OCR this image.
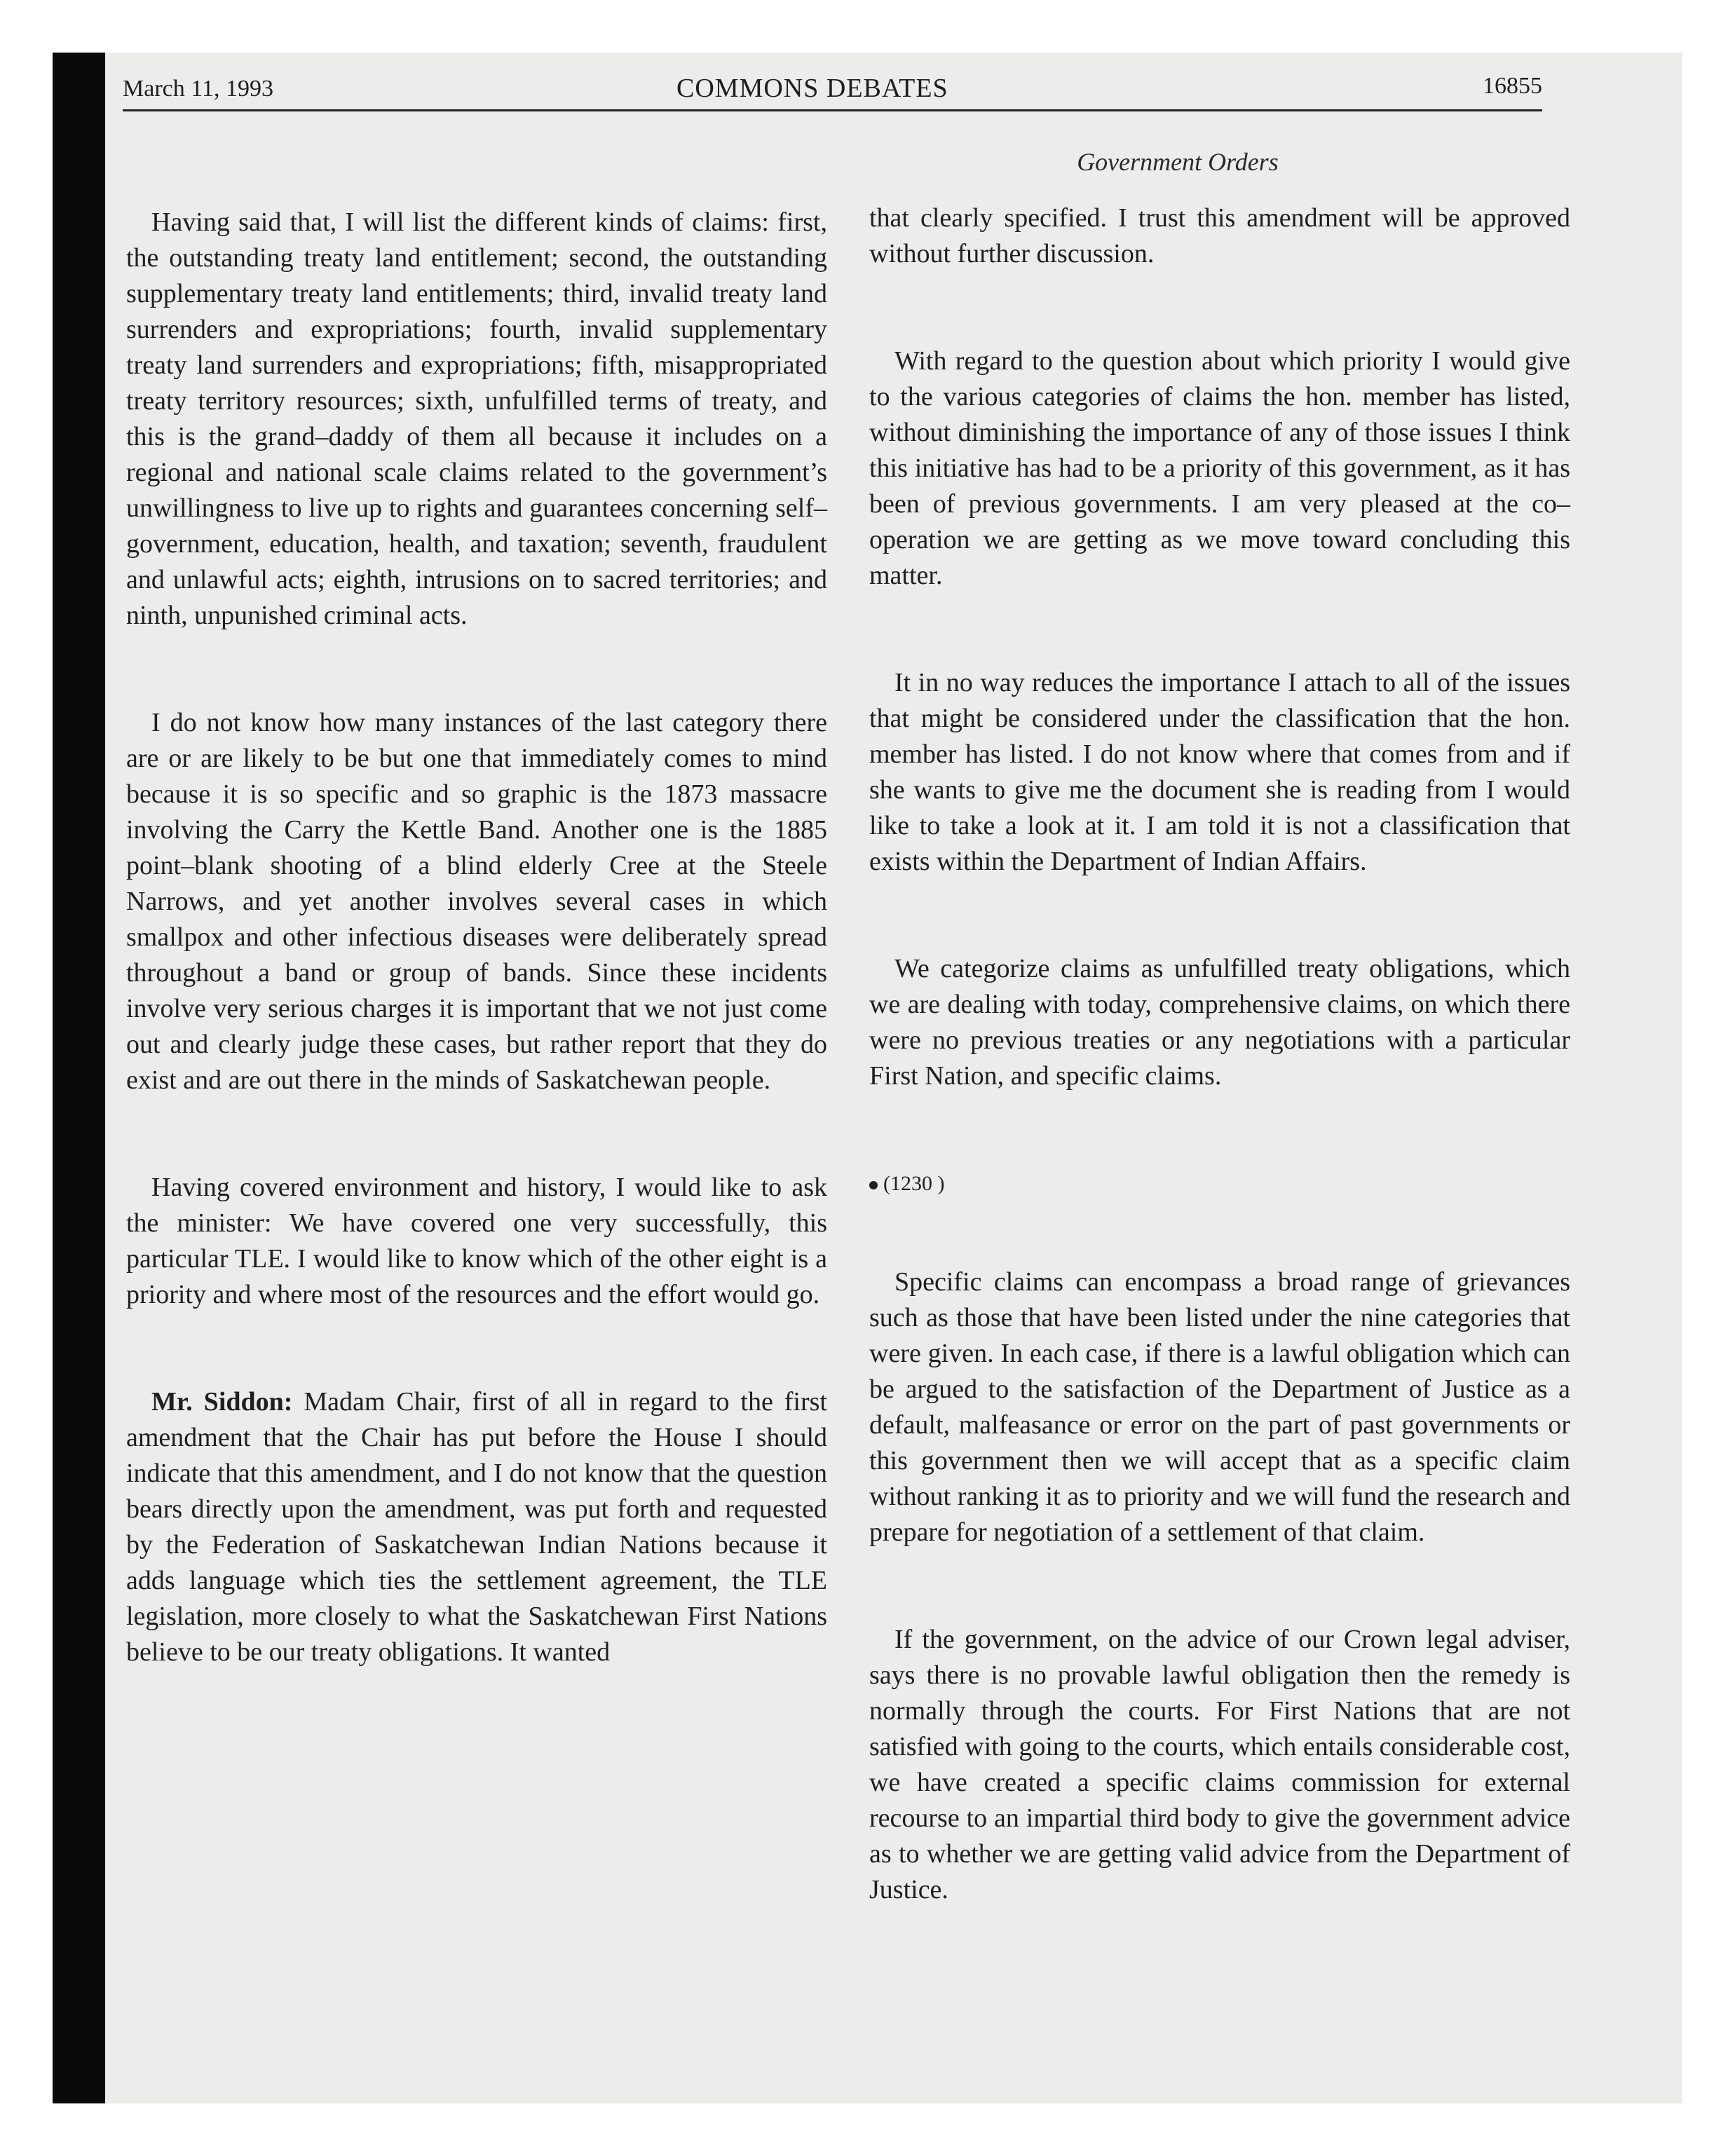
March 11, 1993	COMMONS DEBATES	16855
Government Orders

Having said that, I will list the different kinds of claims: first, the outstanding treaty land entitlement; second, the outstanding supplementary treaty land entitlements; third, invalid treaty land surrenders and expropriations; fourth, invalid supplementary treaty land surrenders and expropriations; fifth, misappropriated treaty territory resources; sixth, unfulfilled terms of treaty, and this is the grand–daddy of them all because it includes on a regional and national scale claims related to the government’s unwillingness to live up to rights and guarantees concerning self–government, education, health, and taxation; seventh, fraudulent and unlawful acts; eighth, intrusions on to sacred territories; and ninth, unpunished criminal acts.

I do not know how many instances of the last category there are or are likely to be but one that immediately comes to mind because it is so specific and so graphic is the 1873 massacre involving the Carry the Kettle Band. Another one is the 1885 point–blank shooting of a blind elderly Cree at the Steele Narrows, and yet another involves several cases in which smallpox and other infectious diseases were deliberately spread throughout a band or group of bands. Since these incidents involve very serious charges it is important that we not just come out and clearly judge these cases, but rather report that they do exist and are out there in the minds of Saskatchewan people.

Having covered environment and history, I would like to ask the minister: We have covered one very successfully, this particular TLE. I would like to know which of the other eight is a priority and where most of the resources and the effort would go.

Mr. Siddon: Madam Chair, first of all in regard to the first amendment that the Chair has put before the House I should indicate that this amendment, and I do not know that the question bears directly upon the amendment, was put forth and requested by the Federation of Saskatchewan Indian Nations because it adds language which ties the settlement agreement, the TLE legislation, more closely to what the Saskatchewan First Nations believe to be our treaty obligations. It wanted

that clearly specified. I trust this amendment will be approved without further discussion.

With regard to the question about which priority I would give to the various categories of claims the hon. member has listed, without diminishing the importance of any of those issues I think this initiative has had to be a priority of this government, as it has been of previous governments. I am very pleased at the co–operation we are getting as we move toward concluding this matter.

It in no way reduces the importance I attach to all of the issues that might be considered under the classification that the hon. member has listed. I do not know where that comes from and if she wants to give me the document she is reading from I would like to take a look at it. I am told it is not a classification that exists within the Department of Indian Affairs.

We categorize claims as unfulfilled treaty obligations, which we are dealing with today, comprehensive claims, on which there were no previous treaties or any negotiations with a particular First Nation, and specific claims.

(1230 )

Specific claims can encompass a broad range of grievances such as those that have been listed under the nine categories that were given. In each case, if there is a lawful obligation which can be argued to the satisfaction of the Department of Justice as a default, malfeasance or error on the part of past governments or this government then we will accept that as a specific claim without ranking it as to priority and we will fund the research and prepare for negotiation of a settlement of that claim.

If the government, on the advice of our Crown legal adviser, says there is no provable lawful obligation then the remedy is normally through the courts. For First Nations that are not satisfied with going to the courts, which entails considerable cost, we have created a specific claims commission for external recourse to an impartial third body to give the government advice as to whether we are getting valid advice from the Department of Justice.
